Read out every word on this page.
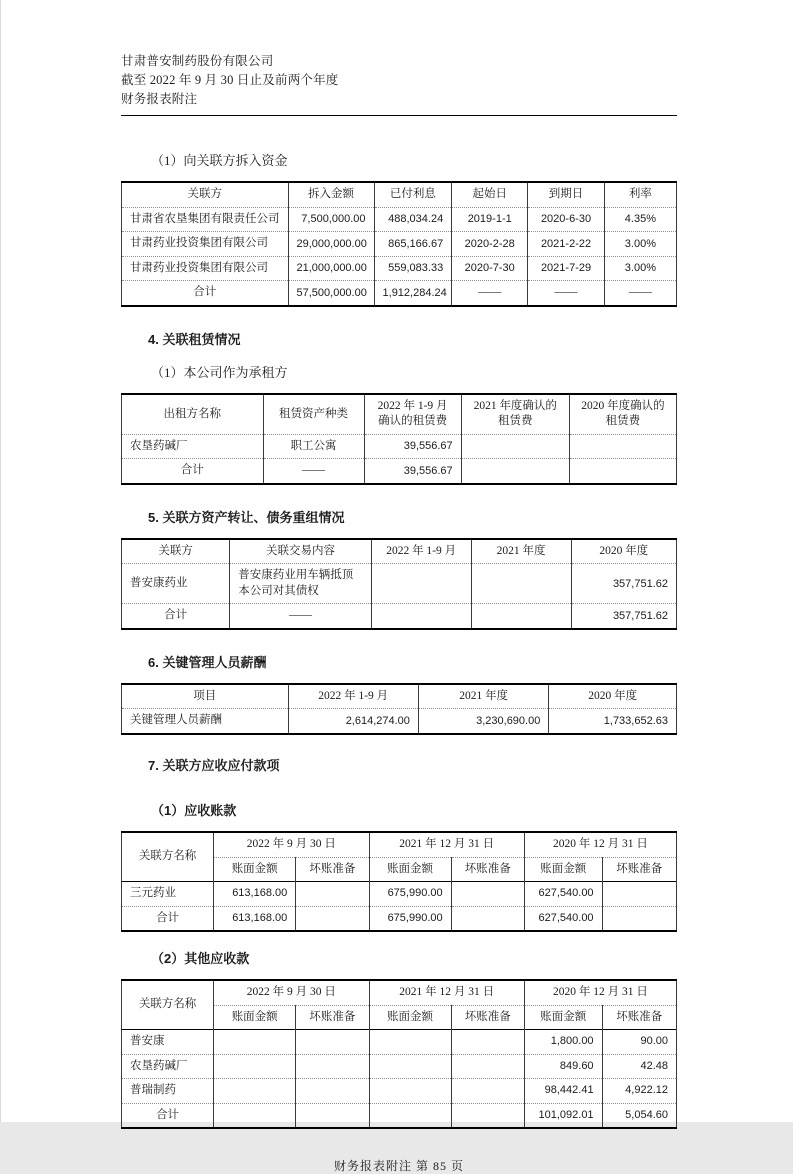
甘肃普安制药股份有限公司
截至 2022 年 9 月 30 日止及前两个年度
财务报表附注
（1）向关联方拆入资金
关联方	拆入金额	已付利息	起始日	到期日	利率
甘肃省农垦集团有限责任公司	7,500,000.00	488,034.24	2019-1-1	2020-6-30	4.35%
甘肃药业投资集团有限公司	29,000,000.00	865,166.67	2020-2-28	2021-2-22	3.00%
甘肃药业投资集团有限公司	21,000,000.00	559,083.33	2020-7-30	2021-7-29	3.00%
合计	57,500,000.00	1,912,284.24	——	——	——
4. 关联租赁情况
（1）本公司作为承租方
出租方名称	租赁资产种类	2022 年 1-9 月确认的租赁费	2021 年度确认的租赁费	2020 年度确认的租赁费
农垦药碱厂	职工公寓	39,556.67		
合计	——	39,556.67		
5. 关联方资产转让、债务重组情况
关联方	关联交易内容	2022 年 1-9 月	2021 年度	2020 年度
普安康药业	普安康药业用车辆抵顶本公司对其债权			357,751.62
合计	——			357,751.62
6. 关键管理人员薪酬
项目	2022 年 1-9 月	2021 年度	2020 年度
关键管理人员薪酬	2,614,274.00	3,230,690.00	1,733,652.63
7. 关联方应收应付款项
（1）应收账款
关联方名称	2022 年 9 月 30 日		2021 年 12 月 31 日		2020 年 12 月 31 日	
	账面金额	坏账准备	账面金额	坏账准备	账面金额	坏账准备
三元药业	613,168.00		675,990.00		627,540.00	
合计	613,168.00		675,990.00		627,540.00	
（2）其他应收款
关联方名称	2022 年 9 月 30 日		2021 年 12 月 31 日		2020 年 12 月 31 日	
	账面金额	坏账准备	账面金额	坏账准备	账面金额	坏账准备
普安康					1,800.00	90.00
农垦药碱厂					849.60	42.48
普瑞制药					98,442.41	4,922.12
合计					101,092.01	5,054.60
财务报表附注 第 85 页
